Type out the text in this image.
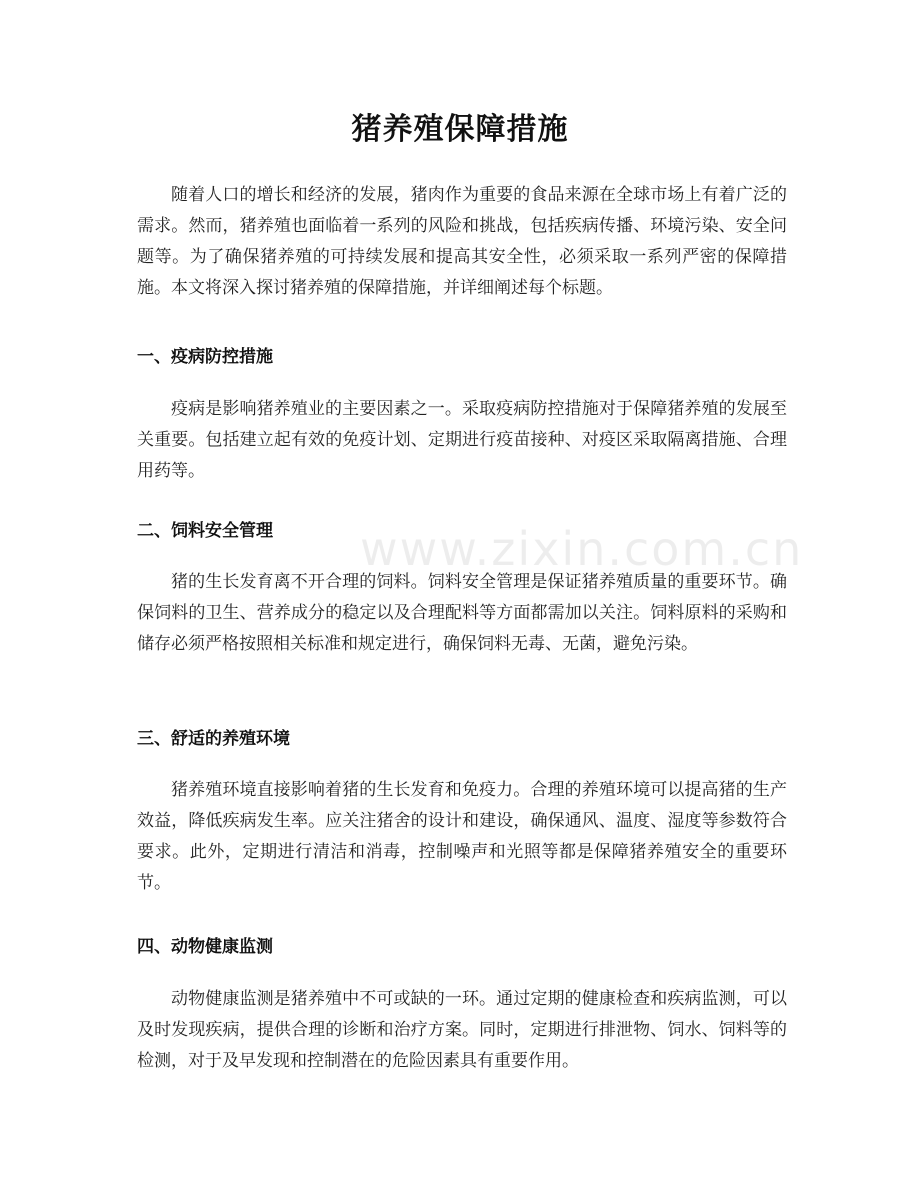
猪养殖保障措施
随着人口的增长和经济的发展，猪肉作为重要的食品来源在全球市场上有着广泛的需求。然而，猪养殖也面临着一系列的风险和挑战，包括疾病传播、环境污染、安全问题等。为了确保猪养殖的可持续发展和提高其安全性，必须采取一系列严密的保障措施。本文将深入探讨猪养殖的保障措施，并详细阐述每个标题。
一、疫病防控措施
疫病是影响猪养殖业的主要因素之一。采取疫病防控措施对于保障猪养殖的发展至关重要。包括建立起有效的免疫计划、定期进行疫苗接种、对疫区采取隔离措施、合理用药等。
二、饲料安全管理
猪的生长发育离不开合理的饲料。饲料安全管理是保证猪养殖质量的重要环节。确保饲料的卫生、营养成分的稳定以及合理配料等方面都需加以关注。饲料原料的采购和储存必须严格按照相关标准和规定进行，确保饲料无毒、无菌，避免污染。
三、舒适的养殖环境
猪养殖环境直接影响着猪的生长发育和免疫力。合理的养殖环境可以提高猪的生产效益，降低疾病发生率。应关注猪舍的设计和建设，确保通风、温度、湿度等参数符合要求。此外，定期进行清洁和消毒，控制噪声和光照等都是保障猪养殖安全的重要环节。
四、动物健康监测
动物健康监测是猪养殖中不可或缺的一环。通过定期的健康检查和疾病监测，可以及时发现疾病，提供合理的诊断和治疗方案。同时，定期进行排泄物、饲水、饲料等的检测，对于及早发现和控制潜在的危险因素具有重要作用。
www.zixin.com.cn
